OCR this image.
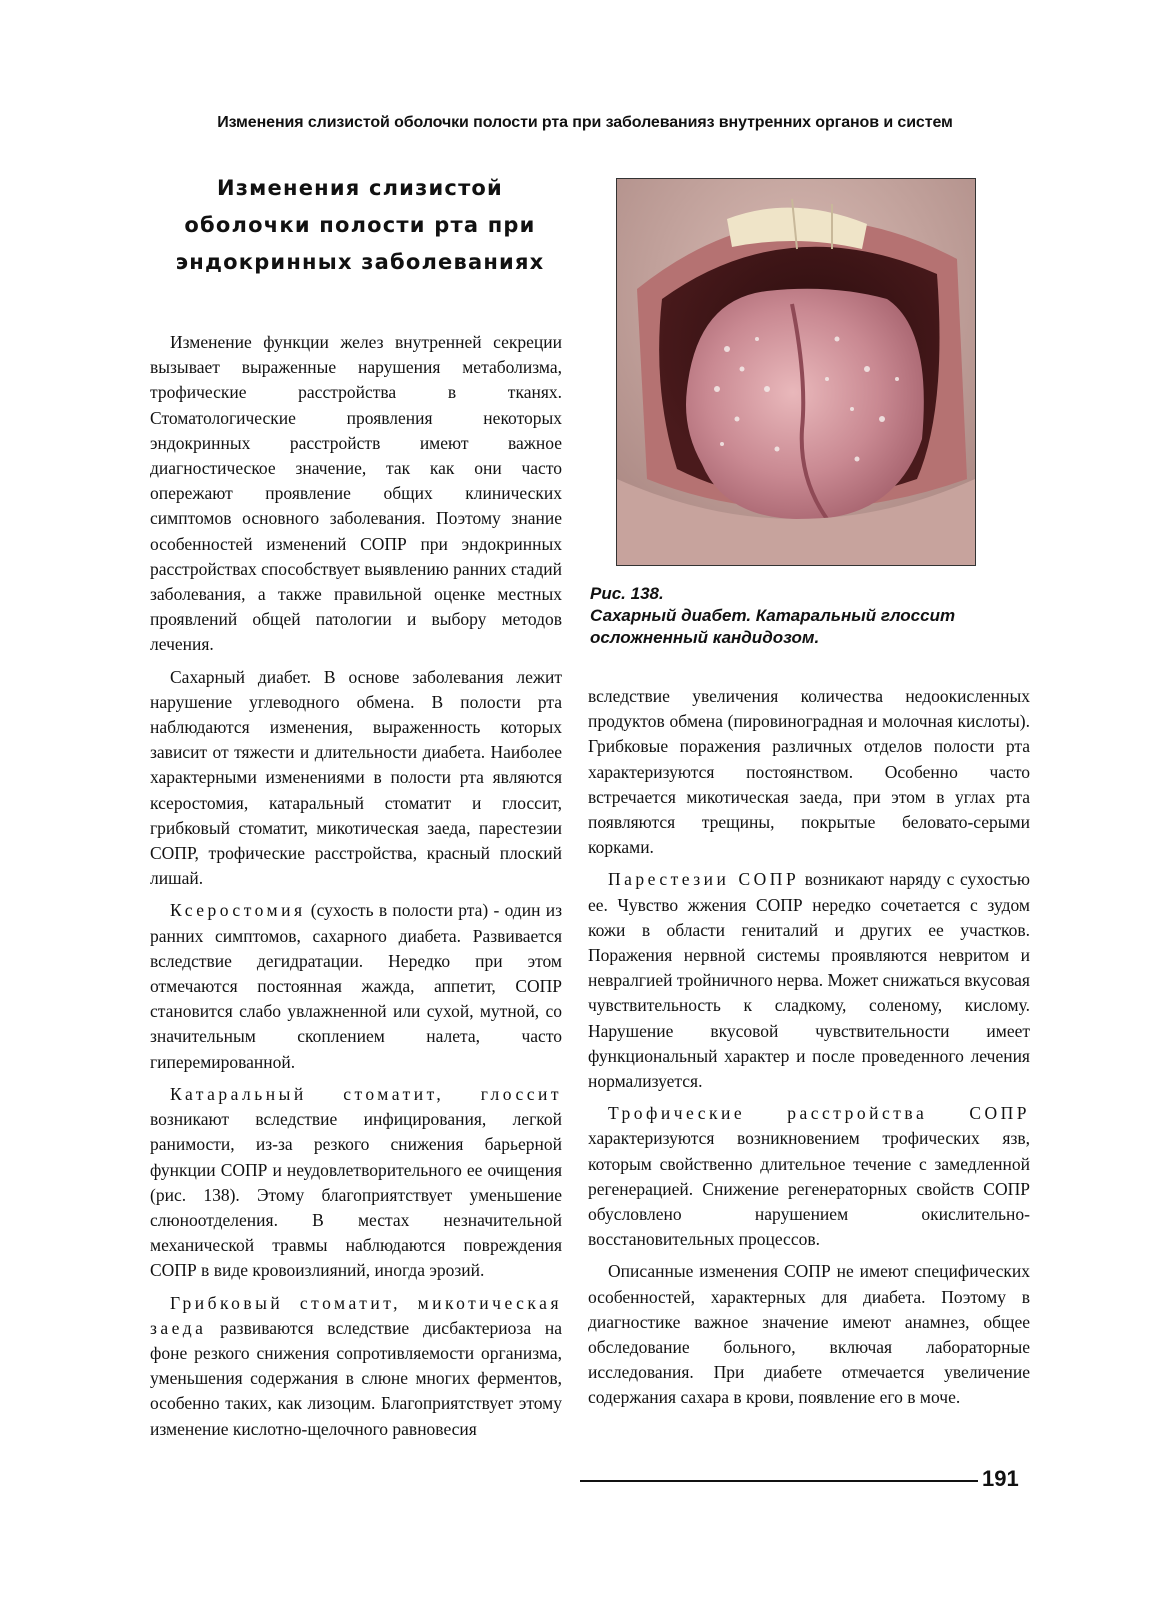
Изменения слизистой оболочки полости рта при заболеванияз внутренних органов и систем
Изменения слизистой оболочки полости рта при эндокринных заболеваниях

Изменение функции желез внутренней секреции вызывает выраженные нарушения метаболизма, трофические расстройства в тканях. Стоматологические проявления некоторых эндокринных расстройств имеют важное диагностическое значение, так как они часто опережают проявление общих клинических симптомов основного заболевания. Поэтому знание особенностей изменений СОПР при эндокринных расстройствах способствует выявлению ранних стадий заболевания, а также правильной оценке местных проявлений общей патологии и выбору методов лечения.

Сахарный диабет. В основе заболевания лежит нарушение углеводного обмена. В полости рта наблюдаются изменения, выраженность которых зависит от тяжести и длительности диабета. Наиболее характерными изменениями в полости рта являются ксеростомия, катаральный стоматит и глоссит, грибковый стоматит, микотическая заеда, парестезии СОПР, трофические расстройства, красный плоский лишай.

Ксеростомия (сухость в полости рта) - один из ранних симптомов, сахарного диабета. Развивается вследствие дегидратации. Нередко при этом отмечаются постоянная жажда, аппетит, СОПР становится слабо увлажненной или сухой, мутной, со значительным скоплением налета, часто гиперемированной.

Катаральный стоматит, глоссит возникают вследствие инфицирования, легкой ранимости, из-за резкого снижения барьерной функции СОПР и неудовлетворительного ее очищения (рис. 138). Этому благоприятствует уменьшение слюноотделения. В местах незначительной механической травмы наблюдаются повреждения СОПР в виде кровоизлияний, иногда эрозий.

Грибковый стоматит, микотическая заеда развиваются вследствие дисбактериоза на фоне резкого снижения сопротивляемости организма, уменьшения содержания в слюне многих ферментов, особенно таких, как лизоцим. Благоприятствует этому изменение кислотно-щелочного равновесия

Рис. 138.
Сахарный диабет. Катаральный глоссит осложненный кандидозом.

вследствие увеличения количества недоокисленных продуктов обмена (пировиноградная и молочная кислоты). Грибковые поражения различных отделов полости рта характеризуются постоянством. Особенно часто встречается микотическая заеда, при этом в углах рта появляются трещины, покрытые беловато-серыми корками.

Парестезии СОПР возникают наряду с сухостью ее. Чувство жжения СОПР нередко сочетается с зудом кожи в области гениталий и других ее участков. Поражения нервной системы проявляются невритом и невралгией тройничного нерва. Может снижаться вкусовая чувствительность к сладкому, соленому, кислому. Нарушение вкусовой чувствительности имеет функциональный характер и после проведенного лечения нормализуется.

Трофические расстройства СОПР характеризуются возникновением трофических язв, которым свойственно длительное течение с замедленной регенерацией. Снижение регенераторных свойств СОПР обусловлено нарушением окислительно-восстановительных процессов.

Описанные изменения СОПР не имеют специфических особенностей, характерных для диабета. Поэтому в диагностике важное значение имеют анамнез, общее обследование больного, включая лабораторные исследования. При диабете отмечается увеличение содержания сахара в крови, появление его в моче.

191
